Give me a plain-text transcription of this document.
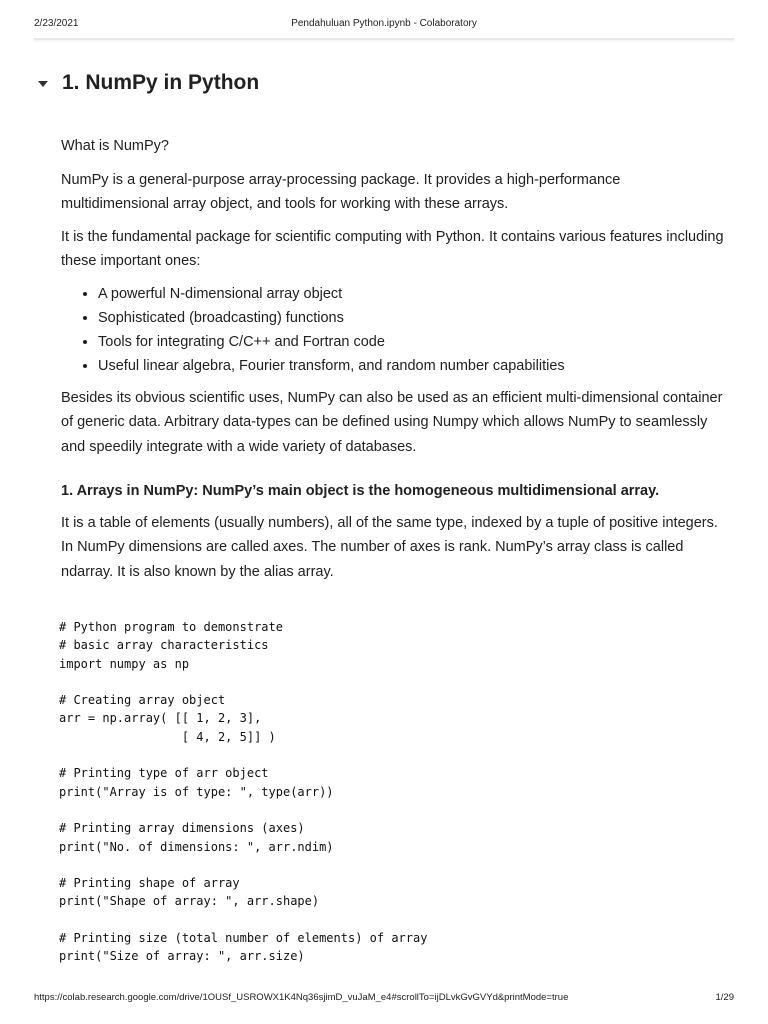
2/23/2021	Pendahuluan Python.ipynb - Colaboratory
1. NumPy in Python

What is NumPy?

NumPy is a general-purpose array-processing package. It provides a high-performance multidimensional array object, and tools for working with these arrays.

It is the fundamental package for scientific computing with Python. It contains various features including these important ones:

• A powerful N-dimensional array object
• Sophisticated (broadcasting) functions
• Tools for integrating C/C++ and Fortran code
• Useful linear algebra, Fourier transform, and random number capabilities

Besides its obvious scientific uses, NumPy can also be used as an efficient multi-dimensional container of generic data. Arbitrary data-types can be defined using Numpy which allows NumPy to seamlessly and speedily integrate with a wide variety of databases.

1. Arrays in NumPy: NumPy’s main object is the homogeneous multidimensional array.

It is a table of elements (usually numbers), all of the same type, indexed by a tuple of positive integers. In NumPy dimensions are called axes. The number of axes is rank. NumPy’s array class is called ndarray. It is also known by the alias array.

# Python program to demonstrate
# basic array characteristics
import numpy as np
# Creating array object
arr = np.array( [[ 1, 2, 3],
[ 4, 2, 5]] )
# Printing type of arr object
print("Array is of type: ", type(arr))
# Printing array dimensions (axes)
print("No. of dimensions: ", arr.ndim)
# Printing shape of array
print("Shape of array: ", arr.shape)
# Printing size (total number of elements) of array
print("Size of array: ", arr.size)
https://colab.research.google.com/drive/1OUSf_USROWX1K4Nq36sjimD_vuJaM_e4#scrollTo=ijDLvkGvGVYd&printMode=true	1/29
